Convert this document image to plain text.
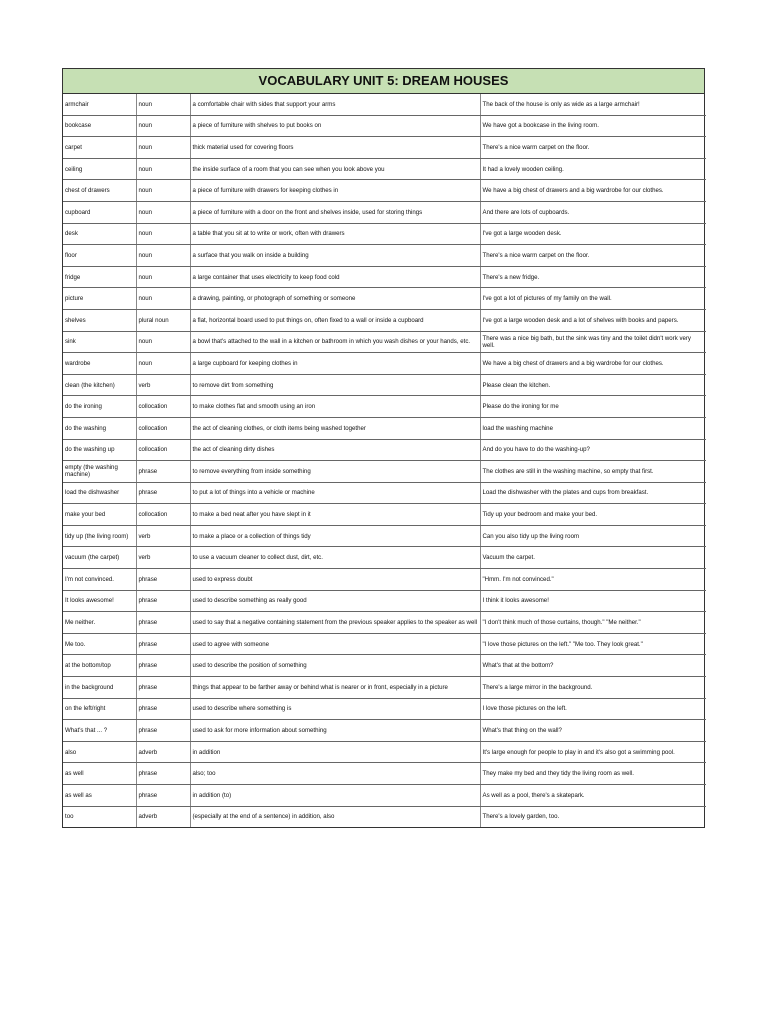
VOCABULARY UNIT 5: DREAM HOUSES
armchair	noun	a comfortable chair with sides that support your arms	The back of the house is only as wide as a large armchair!
bookcase	noun	a piece of furniture with shelves to put books on	We have got a bookcase in the living room.
carpet	noun	thick material used for covering floors	There's a nice warm carpet on the floor.
ceiling	noun	the inside surface of a room that you can see when you look above you	It had a lovely wooden ceiling.
chest of drawers	noun	a piece of furniture with drawers for keeping clothes in	We have a big chest of drawers and a big wardrobe for our clothes.
cupboard	noun	a piece of furniture with a door on the front and shelves inside, used for storing things	And there are lots of cupboards.
desk	noun	a table that you sit at to write or work, often with drawers	I've got a large wooden desk.
floor	noun	a surface that you walk on inside a building	There's a nice warm carpet on the floor.
fridge	noun	a large container that uses electricity to keep food cold	There's a new fridge.
picture	noun	a drawing, painting, or photograph of something or someone	I've got a lot of pictures of my family on the wall.
shelves	plural noun	a flat, horizontal board used to put things on, often fixed to a wall or inside a cupboard	I've got a large wooden desk and a lot of shelves with books and papers.
sink	noun	a bowl that's attached to the wall in a kitchen or bathroom in which you wash dishes or your hands, etc.	There was a nice big bath, but the sink was tiny and the toilet didn't work very well.
wardrobe	noun	a large cupboard for keeping clothes in	We have a big chest of drawers and a big wardrobe for our clothes.
clean (the kitchen)	verb	to remove dirt from something	Please clean the kitchen.
do the ironing	collocation	to make clothes flat and smooth using an iron	Please do the ironing for me
do the washing	collocation	the act of cleaning clothes, or cloth items being washed together	load the washing machine
do the washing up	collocation	the act of cleaning dirty dishes	And do you have to do the washing-up?
empty (the washing machine)	phrase	to remove everything from inside something	The clothes are still in the washing machine, so empty that first.
load the dishwasher	phrase	to put a lot of things into a vehicle or machine	Load the dishwasher with the plates and cups from breakfast.
make your bed	collocation	to make a bed neat after you have slept in it	Tidy up your bedroom and make your bed.
tidy up (the living room)	verb	to make a place or a collection of things tidy	Can you also tidy up the living room
vacuum (the carpet)	verb	to use a vacuum cleaner to collect dust, dirt, etc.	Vacuum the carpet.
I'm not convinced.	phrase	used to express doubt	"Hmm. I'm not convinced."
It looks awesome!	phrase	used to describe something as really good	I think it looks awesome!
Me neither.	phrase	used to say that a negative containing statement from the previous speaker applies to the speaker as well	"I don't think much of those curtains, though." "Me neither."
Me too.	phrase	used to agree with someone	"I love those pictures on the left." "Me too. They look great."
at the bottom/top	phrase	used to describe the position of something	What's that at the bottom?
in the background	phrase	things that appear to be farther away or behind what is nearer or in front, especially in a picture	There's a large mirror in the background.
on the left/right	phrase	used to describe where something is	I love those pictures on the left.
What's that ... ?	phrase	used to ask for more information about something	What's that thing on the wall?
also	adverb	in addition	It's large enough for people to play in and it's also got a swimming pool.
as well	phrase	also; too	They make my bed and they tidy the living room as well.
as well as	phrase	in addition (to)	As well as a pool, there's a skatepark.
too	adverb	(especially at the end of a sentence) in addition, also	There's a lovely garden, too.
